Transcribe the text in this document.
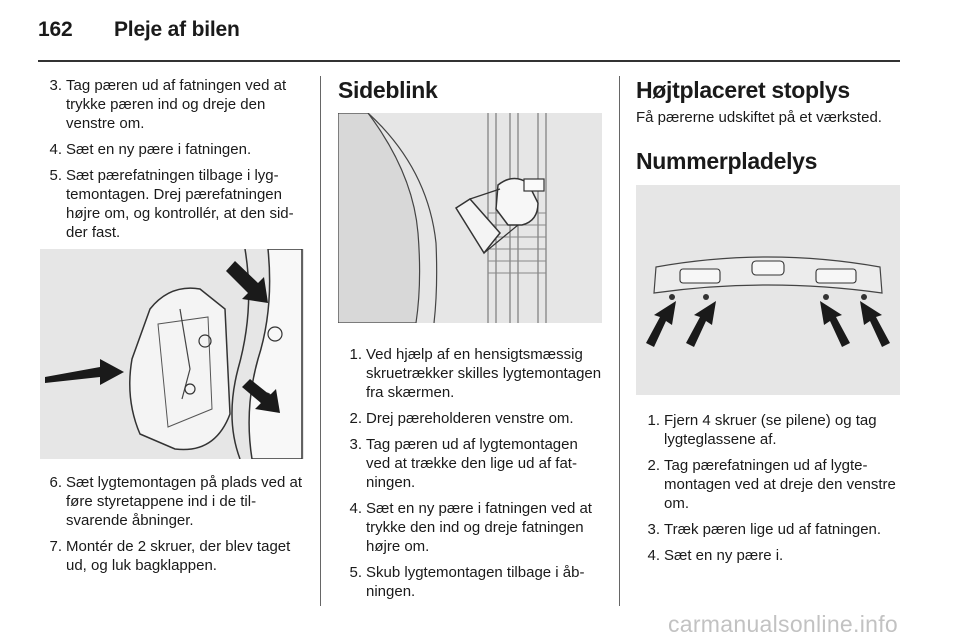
162 Pleje af bilen
3. Tag pæren ud af fatningen ved at trykke pæren ind og dreje den venstre om.
4. Sæt en ny pære i fatningen.
5. Sæt pærefatningen tilbage i lygtemontagen. Drej pærefatningen højre om, og kontrollér, at den sidder fast.
6. Sæt lygtemontagen på plads ved at føre styretappene ind i de tilsvarende åbninger.
7. Montér de 2 skruer, der blev taget ud, og luk bagklappen.
Sideblink
1. Ved hjælp af en hensigtsmæssig skruetrækker skilles lygtemontagen fra skærmen.
2. Drej pæreholderen venstre om.
3. Tag pæren ud af lygtemontagen ved at trække den lige ud af fatningen.
4. Sæt en ny pære i fatningen ved at trykke den ind og dreje fatningen højre om.
5. Skub lygtemontagen tilbage i åbningen.
Højtplaceret stoplys

Få pærerne udskiftet på et værksted.

Nummerpladelys
1. Fjern 4 skruer (se pilene) og tag lygteglassene af.
2. Tag pærefatningen ud af lygtemontagen ved at dreje den venstre om.
3. Træk pæren lige ud af fatningen.
4. Sæt en ny pære i.
carmanualsonline.info
